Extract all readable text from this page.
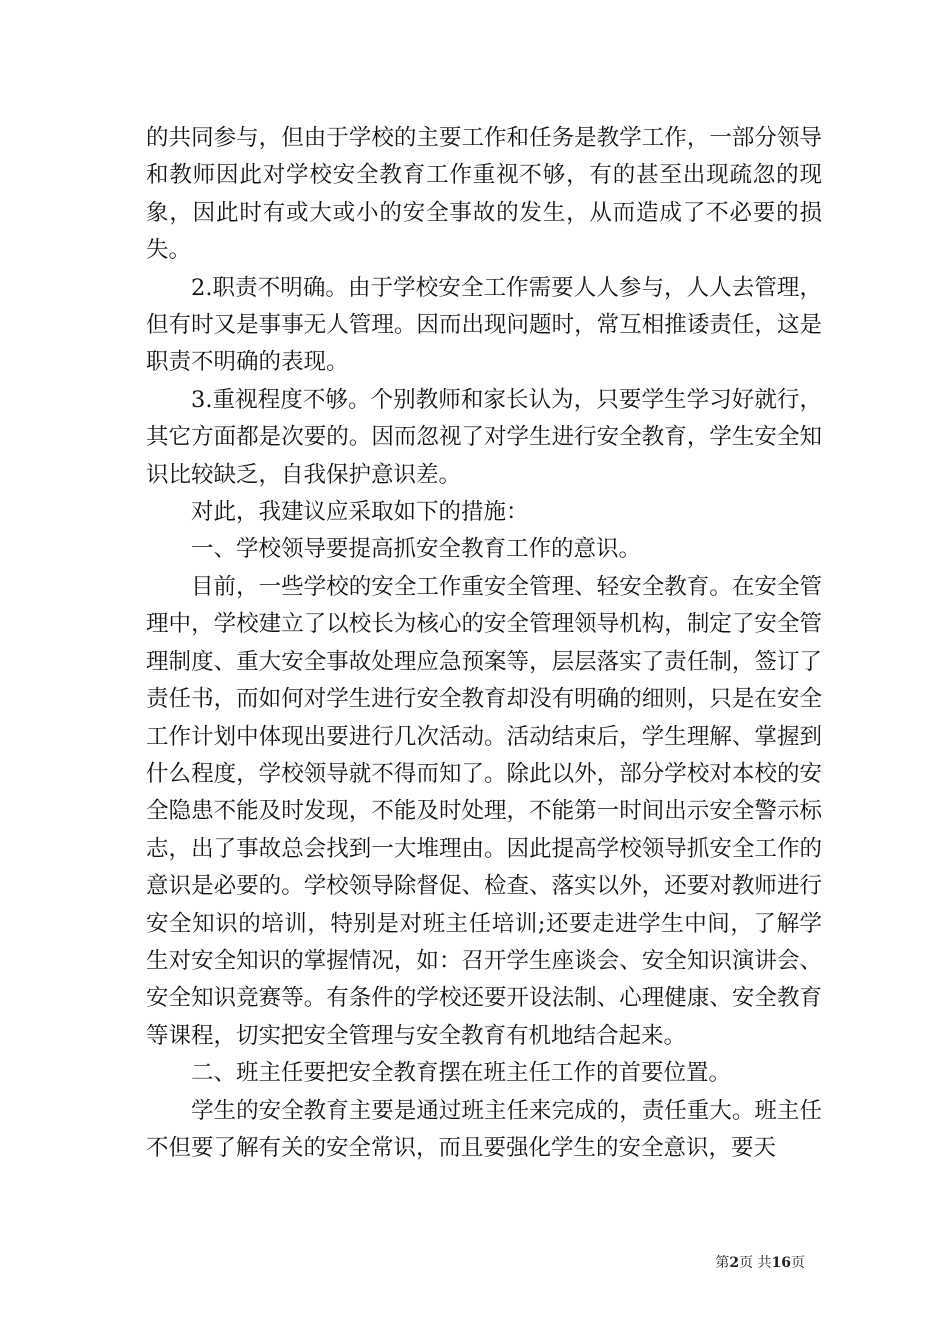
的共同参与，但由于学校的主要工作和任务是教学工作，一部分领导和教师因此对学校安全教育工作重视不够，有的甚至出现疏忽的现象，因此时有或大或小的安全事故的发生，从而造成了不必要的损失。

2.职责不明确。由于学校安全工作需要人人参与，人人去管理，但有时又是事事无人管理。因而出现问题时，常互相推诿责任，这是职责不明确的表现。

3.重视程度不够。个别教师和家长认为，只要学生学习好就行，其它方面都是次要的。因而忽视了对学生进行安全教育，学生安全知识比较缺乏，自我保护意识差。

对此，我建议应采取如下的措施：

一、学校领导要提高抓安全教育工作的意识。

目前，一些学校的安全工作重安全管理、轻安全教育。在安全管理中，学校建立了以校长为核心的安全管理领导机构，制定了安全管理制度、重大安全事故处理应急预案等，层层落实了责任制，签订了责任书，而如何对学生进行安全教育却没有明确的细则，只是在安全工作计划中体现出要进行几次活动。活动结束后，学生理解、掌握到什么程度，学校领导就不得而知了。除此以外，部分学校对本校的安全隐患不能及时发现，不能及时处理，不能第一时间出示安全警示标志，出了事故总会找到一大堆理由。因此提高学校领导抓安全工作的意识是必要的。学校领导除督促、检查、落实以外，还要对教师进行安全知识的培训，特别是对班主任培训;还要走进学生中间，了解学生对安全知识的掌握情况，如：召开学生座谈会、安全知识演讲会、安全知识竞赛等。有条件的学校还要开设法制、心理健康、安全教育等课程，切实把安全管理与安全教育有机地结合起来。

二、班主任要把安全教育摆在班主任工作的首要位置。

学生的安全教育主要是通过班主任来完成的，责任重大。班主任不但要了解有关的安全常识，而且要强化学生的安全意识，要天

第2页 共16页
